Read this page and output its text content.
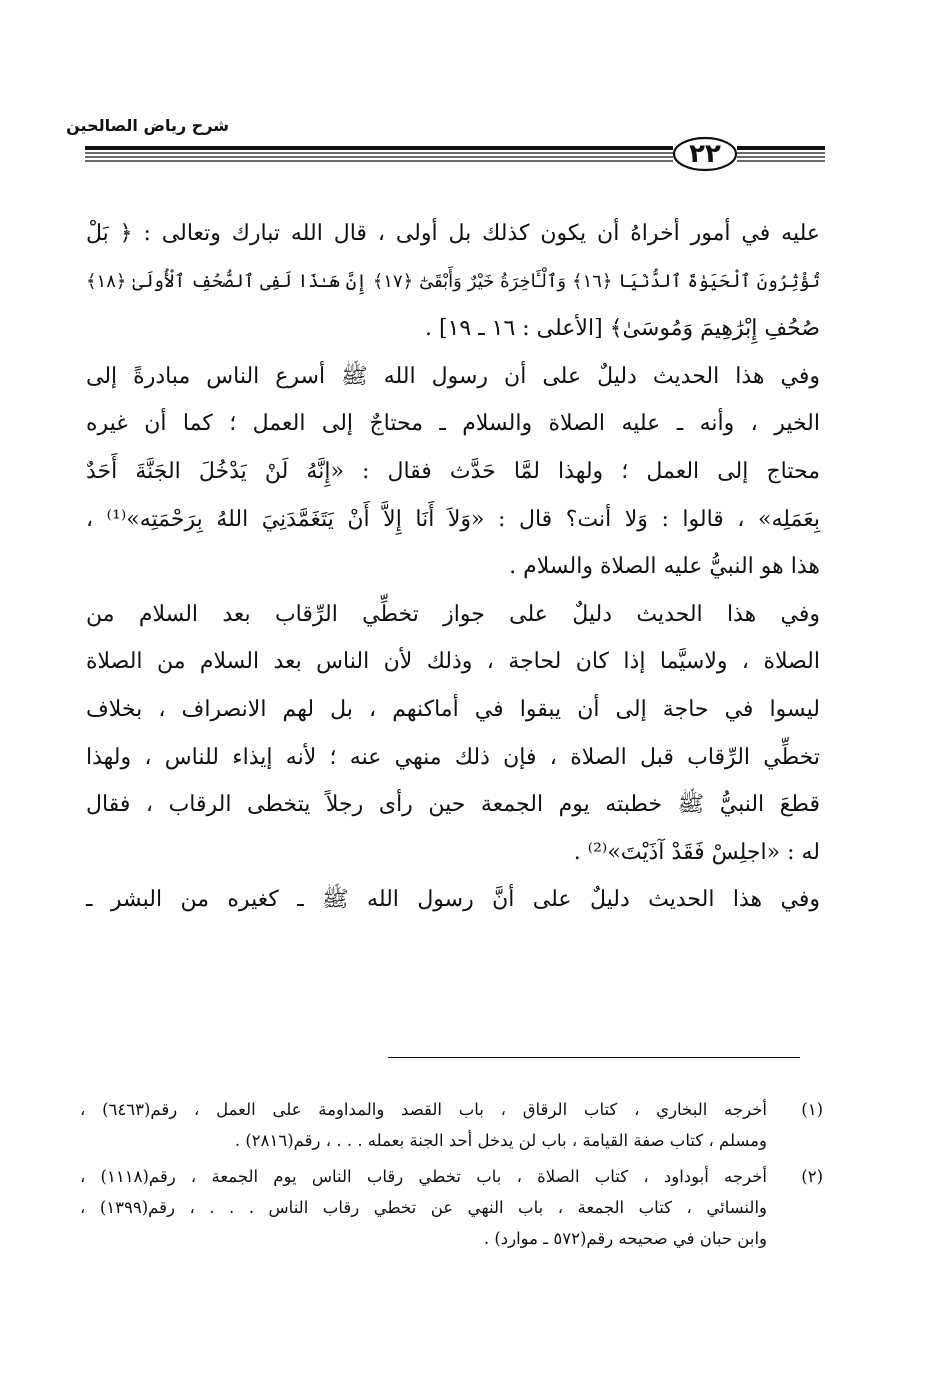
شرح رياض الصالحين
٢٢
عليه في أمور أخراهُ أن يكون كذلك بل أولى ، قال الله تبارك وتعالى : ﴿ بَلْ
تُؤْثِرُونَ ٱلْحَيَوٰةَ ٱلدُّنْيَا ﴿١٦﴾ وَٱلْـَٔاخِرَةُ خَيْرٌ وَأَبْقَىٰٓ ﴿١٧﴾ إِنَّ هَـٰذَا لَفِى ٱلصُّحُفِ ٱلْأُولَىٰ ﴿١٨﴾
صُحُفِ إِبْرَٰهِيمَ وَمُوسَىٰ﴾ [الأعلى : ١٦ ـ ١٩] .
وفي هذا الحديث دليلٌ على أن رسول الله ﷺ أسرع الناس مبادرةً إلى
الخير ، وأنه ـ عليه الصلاة والسلام ـ محتاجٌ إلى العمل ؛ كما أن غيره
محتاج إلى العمل ؛ ولهذا لمَّا حَدَّث فقال : «إِنَّهُ لَنْ يَدْخُلَ الجَنَّةَ أَحَدٌ
بِعَمَلِه» ، قالوا : وَلا أنت؟ قال : «وَلاَ أَنَا إِلاَّ أَنْ يَتَغَمَّدَنِيَ اللهُ بِرَحْمَتِه»⁽¹⁾ ،
هذا هو النبيُّ عليه الصلاة والسلام .
وفي هذا الحديث دليلٌ على جواز تخطِّي الرِّقاب بعد السلام من
الصلاة ، ولاسيَّما إذا كان لحاجة ، وذلك لأن الناس بعد السلام من الصلاة
ليسوا في حاجة إلى أن يبقوا في أماكنهم ، بل لهم الانصراف ، بخلاف
تخطِّي الرِّقاب قبل الصلاة ، فإن ذلك منهي عنه ؛ لأنه إيذاء للناس ، ولهذا
قطعَ النبيُّ ﷺ خطبته يوم الجمعة حين رأى رجلاً يتخطى الرقاب ، فقال
له : «اجلِسْ فَقَدْ آذَيْتَ»⁽²⁾ .
وفي هذا الحديث دليلٌ على أنَّ رسول الله ﷺ ـ كغيره من البشر ـ
(١)
أخرجه البخاري ، كتاب الرقاق ، باب القصد والمداومة على العمل ، رقم(٦٤٦٣) ،
ومسلم ، كتاب صفة القيامة ، باب لن يدخل أحد الجنة بعمله . . . ، رقم(٢٨١٦) .
(٢)
أخرجه أبوداود ، كتاب الصلاة ، باب تخطي رقاب الناس يوم الجمعة ، رقم(١١١٨) ،
والنسائي ، كتاب الجمعة ، باب النهي عن تخطي رقاب الناس . . . ، رقم(١٣٩٩) ،
وابن حبان في صحيحه رقم(٥٧٢ ـ موارد) .
